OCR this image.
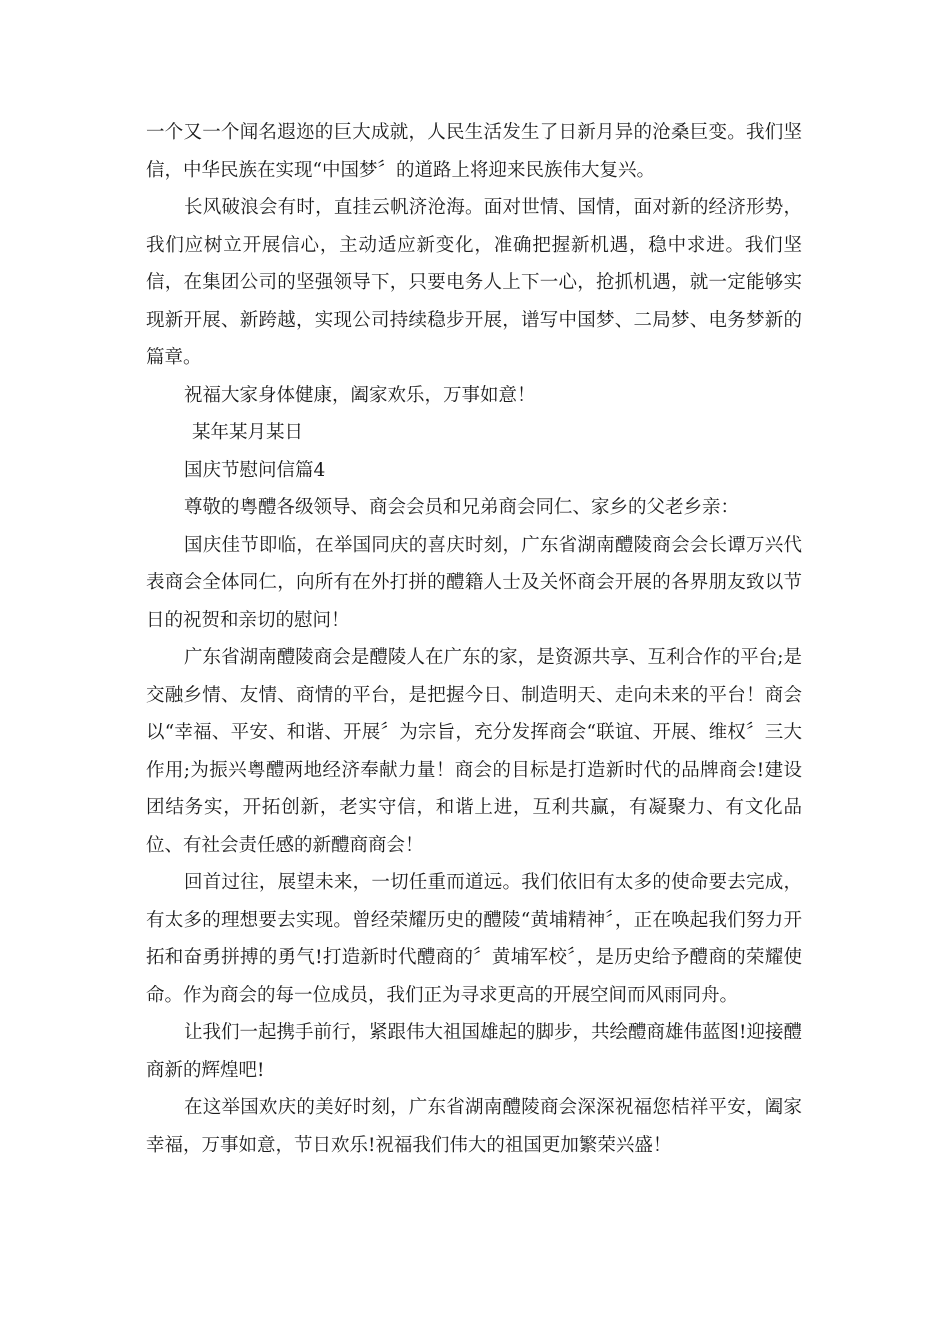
一个又一个闻名遐迩的巨大成就，人民生活发生了日新月异的沧桑巨变。我们坚信，中华民族在实现“中国梦〞的道路上将迎来民族伟大复兴。

长风破浪会有时，直挂云帆济沧海。面对世情、国情，面对新的经济形势，我们应树立开展信心，主动适应新变化，准确把握新机遇，稳中求进。我们坚信，在集团公司的坚强领导下，只要电务人上下一心，抢抓机遇，就一定能够实现新开展、新跨越，实现公司持续稳步开展，谱写中国梦、二局梦、电务梦新的篇章。

祝福大家身体健康，阖家欢乐，万事如意！

某年某月某日

国庆节慰问信篇4

尊敬的粤醴各级领导、商会会员和兄弟商会同仁、家乡的父老乡亲：

国庆佳节即临，在举国同庆的喜庆时刻，广东省湖南醴陵商会会长谭万兴代表商会全体同仁，向所有在外打拼的醴籍人士及关怀商会开展的各界朋友致以节日的祝贺和亲切的慰问！

广东省湖南醴陵商会是醴陵人在广东的家，是资源共享、互利合作的平台;是交融乡情、友情、商情的平台，是把握今日、制造明天、走向未来的平台！商会以“幸福、平安、和谐、开展〞为宗旨，充分发挥商会“联谊、开展、维权〞三大作用;为振兴粤醴两地经济奉献力量！商会的目标是打造新时代的品牌商会!建设团结务实，开拓创新，老实守信，和谐上进，互利共赢，有凝聚力、有文化品位、有社会责任感的新醴商商会！

回首过往，展望未来，一切任重而道远。我们依旧有太多的使命要去完成，有太多的理想要去实现。曾经荣耀历史的醴陵“黄埔精神〞，正在唤起我们努力开拓和奋勇拼搏的勇气!打造新时代醴商的〞黄埔军校〞，是历史给予醴商的荣耀使命。作为商会的每一位成员，我们正为寻求更高的开展空间而风雨同舟。

让我们一起携手前行，紧跟伟大祖国雄起的脚步，共绘醴商雄伟蓝图!迎接醴商新的辉煌吧!

在这举国欢庆的美好时刻，广东省湖南醴陵商会深深祝福您桔祥平安，阖家幸福，万事如意，节日欢乐!祝福我们伟大的祖国更加繁荣兴盛！
